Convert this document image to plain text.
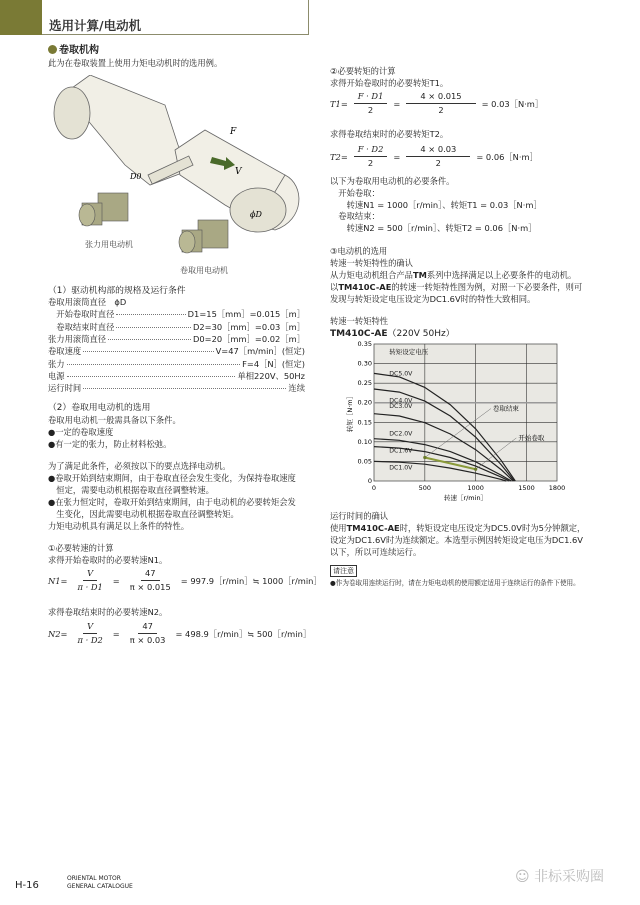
选用计算/电动机
卷取机构
此为在卷取装置上使用力矩电动机时的选用例。
F
V
D0
ϕD
张力用电动机
卷取用电动机
（1）驱动机构部的规格及运行条件
卷取用滚筒直径　ϕD
　开始卷取时直径	D1=15［mm］=0.015［m］
　卷取结束时直径	D2=30［mm］=0.03［m］
张力用滚筒直径	D0=20［mm］=0.02［m］
卷取速度	V=47［m/min］(恒定)
张力	F=4［N］(恒定)
电源	单相220V、50Hz
运行时间	连续
（2）卷取用电动机的选用
卷取用电动机一般需具备以下条件。
●一定的卷取速度
●有一定的张力，防止材料松弛。
为了满足此条件，必须按以下的要点选择电动机。
●卷取开始到结束期间，由于卷取直径会发生变化，为保持卷取速度
　恒定，需要电动机根据卷取直径调整转速。
●在张力恒定时，卷取开始到结束期间，由于电动机的必要转矩会发
　生变化，因此需要电动机根据卷取直径调整转矩。
力矩电动机具有满足以上条件的特性。
①必要转速的计算
求得开始卷取时的必要转速N1。
$N1= \frac{V}{\pi \cdot D1} = \frac{47}{\pi \times 0.015}$ = 997.9［r/min］≒ 1000［r/min］
求得卷取结束时的必要转速N2。
$N2= \frac{V}{\pi \cdot D2} = \frac{47}{\pi \times 0.03}$ = 498.9［r/min］≒ 500［r/min］
②必要转矩的计算
求得开始卷取时的必要转矩T1。
$T1= \frac{F \cdot D1}{2} = \frac{4 \times 0.015}{2}$ = 0.03［N·m］
求得卷取结束时的必要转矩T2。
$T2= \frac{F \cdot D2}{2} = \frac{4 \times 0.03}{2}$ = 0.06［N·m］
以下为卷取用电动机的必要条件。
　开始卷取：
　　转速N1 = 1000［r/min］、转矩T1 = 0.03［N·m］
　卷取结束：
　　转速N2 = 500［r/min］、转矩T2 = 0.06［N·m］
③电动机的选用
转速一转矩特性的确认
从力矩电动机组合产品TM系列中选择满足以上必要条件的电动机。
以TM410C-AE的转速一转矩特性图为例，对照一下必要条件，则可
发现与转矩设定电压设定为DC1.6V时的特性大致相同。
转速一转矩特性
TM410C-AE（220V 50Hz）
0	500	1000	1500 1800
0
0.05
0.10
0.15
0.20
0.25
0.30
0.35
转速［r/min］
转矩［N·m］
转矩设定电压
DC5.0V
DC4.0V
DC3.0V
DC2.0V
DC1.6V
DC1.0V
卷取结束
开始卷取
运行时间的确认
使用TM410C-AE时，转矩设定电压设定为DC5.0V时为5分钟额定，
设定为DC1.6V时为连续额定。本选型示例因转矩设定电压为DC1.6V
以下，所以可连续运行。
请注意
●作为卷取用连续运行时，请在力矩电动机的使用额定适用于连续运行的条件下使用。
H-16
ORIENTAL MOTOR
GENERAL CATALOGUE
☺ 非标采购圈
